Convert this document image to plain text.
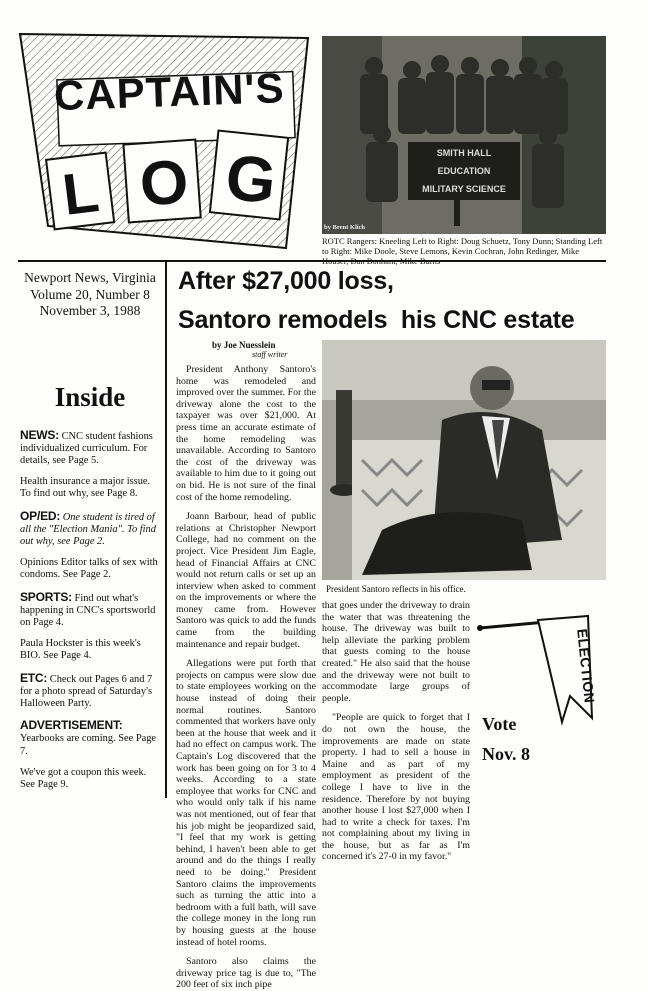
CAPTAIN'S
L O G	SMITH HALL
EDUCATION
MILITARY SCIENCE
by Brent Klich
ROTC Rangers: Kneeling Left to Right: Doug Schuetz, Tony Dunn; Standing Left to Right: Mike Doole, Steve Lemons, Kevin Cochran, John Redinger, Mike
Newport News, Virginia
Volume 20, Number 8
November 3, 1988
Inside

NEWS: CNC student fashions individualized curriculum. For details, see Page 5.

Health insurance a major issue. To find out why, see Page 8.

OP/ED: One student is tired of all the "Election Mania". To find out why, see Page 2.

Opinions Editor talks of sex with condoms. See Page 2.

SPORTS: Find out what's happening in CNC's sportsworld on Page 4.

Paula Hockster is this week's BIO. See Page 4.

ETC: Check out Pages 6 and 7 for a photo spread of Saturday's Halloween Party.

ADVERTISEMENT: Yearbooks are coming. See Page 7.

We've got a coupon this week. See Page 9.

After $27,000 loss,
Santoro remodels  his CNC estate
by Joe Nuesslein
staff writer

President Anthony Santoro's home was remodeled and improved over the summer. For the driveway alone the cost to the taxpayer was over $21,000. At press time an accurate estimate of the home remodeling was unavailable. According to Santoro the cost of the driveway was available to him due to it going out on bid. He is not sure of the final cost of the home remodeling.

Joann Barbour, head of public relations at Christopher Newport College, had no comment on the project. Vice President Jim Eagle, head of Financial Affairs at CNC would not return calls or set up an interview when asked to comment on the improvements or where the money came from. However Santoro was quick to add the funds came from the building maintenance and repair budget.

Allegations were put forth that projects on campus were slow due to state employees working on the house instead of doing their normal routines. Santoro commented that workers have only been at the house that week and it had no effect on campus work. The Captain's Log discovered that the work has been going on for 3 to 4 weeks. According to a state employee that works for CNC and who would only talk if his name was not mentioned, out of fear that his job might be jeopardized said, "I feel that my work is getting behind, I haven't been able to get around and do the things I really need to be doing." President Santoro claims the improvements such as turning the attic into a bedroom with a full bath, will save the college money in the long run by housing guests at the house instead of hotel rooms.

Santoro also claims the driveway price tag is due to, "The 200 feet of six inch pipe

President Santoro reflects in his office.

that goes under the driveway to drain the water that was threatening the house. The driveway was built to help alleviate the parking problem that guests coming to the house created." He also said that the house and the driveway were not built to accommodate large groups of people.

"People are quick to forget that I do not own the house, the improvements are made on state property. I had to sell a house in Maine and as part of my employment as president of the college I have to live in the residence. Therefore by not buying another house I lost $27,000 when I had to write a check for taxes. I'm not complaining about my living in the house, but as far as I'm concerned it's 27-0 in my favor."

ELECTION
Vote
Nov. 8
